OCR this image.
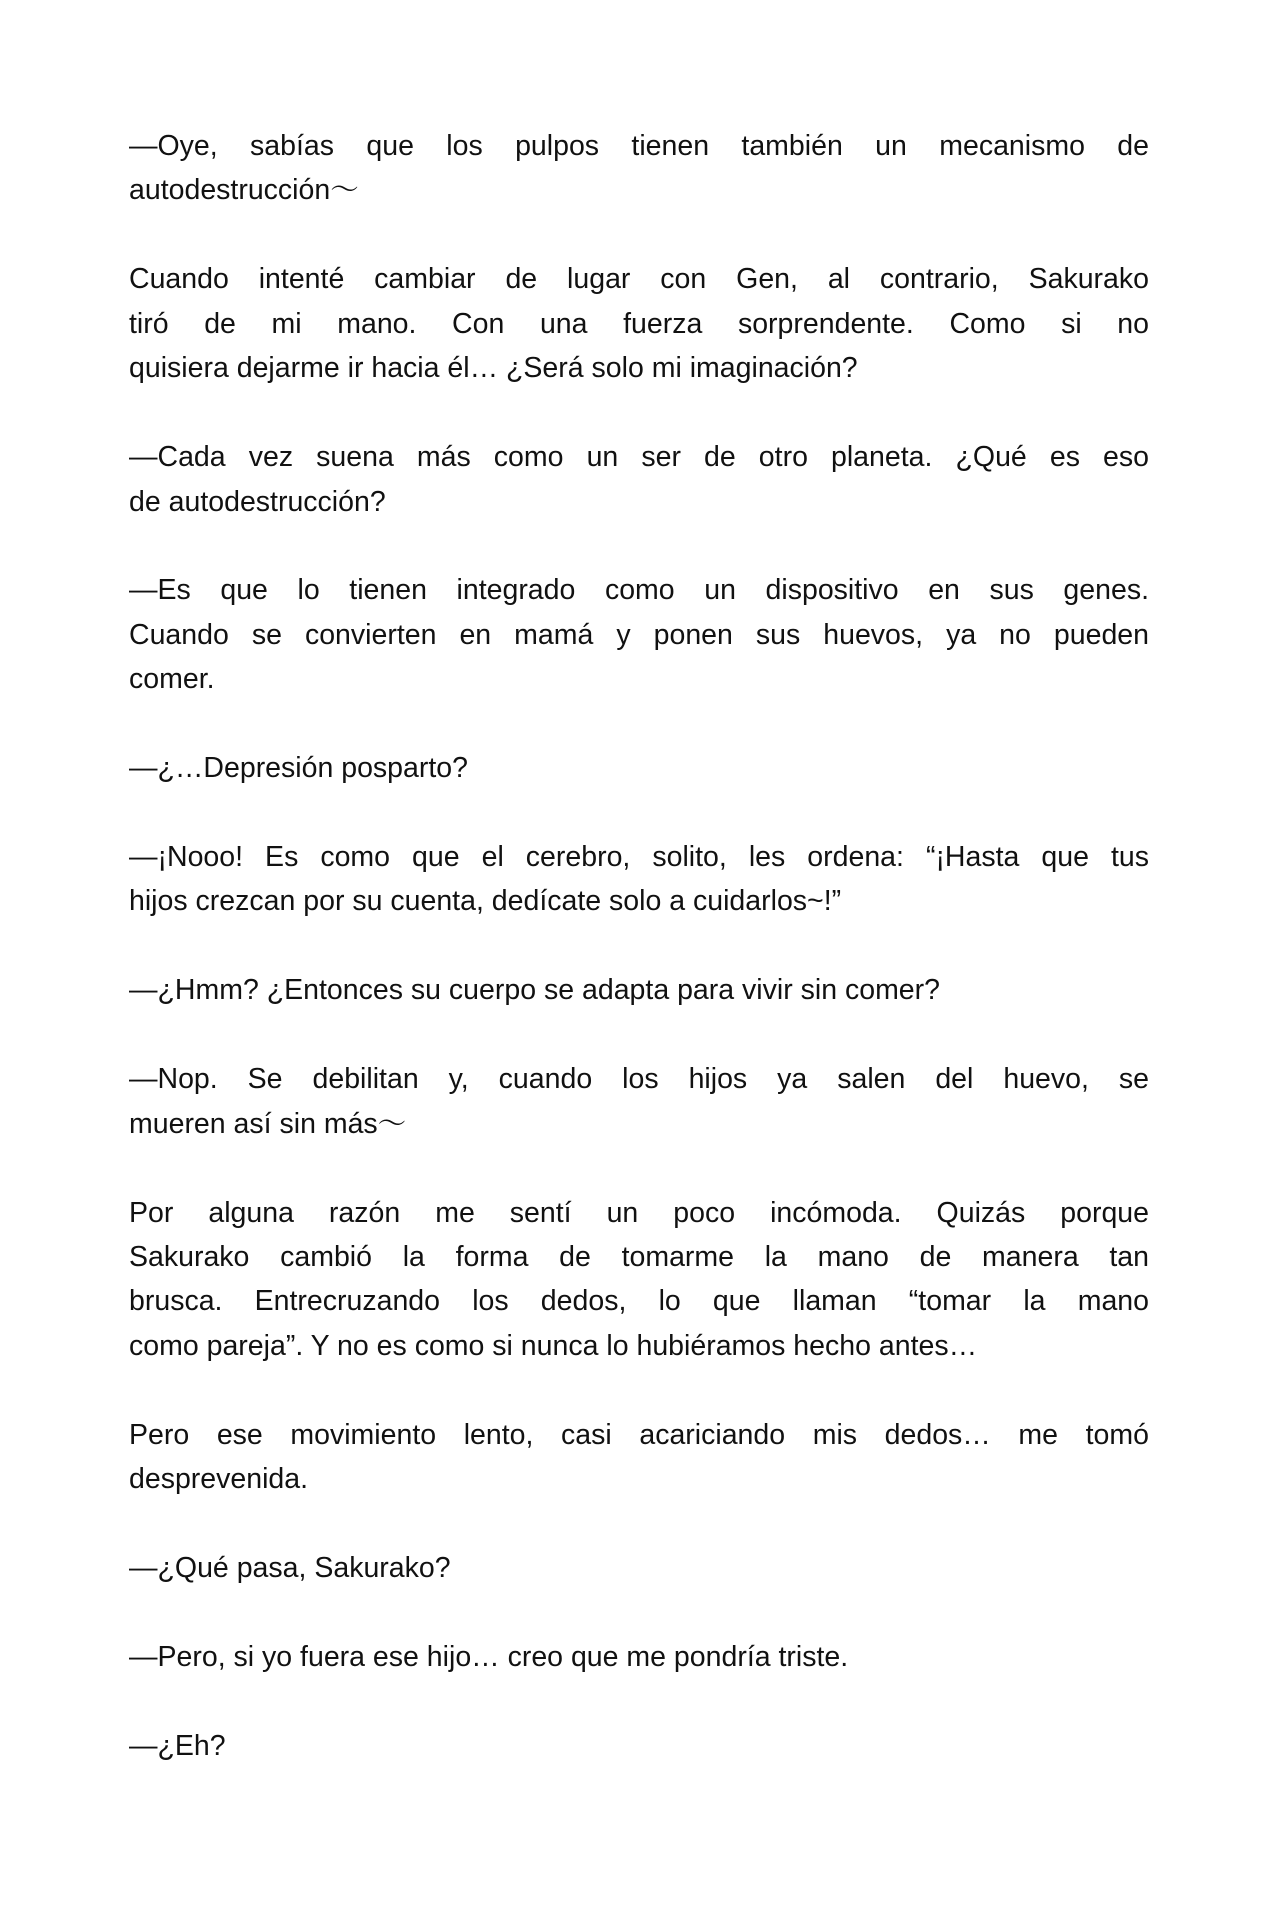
—Oye, sabías que los pulpos tienen también un mecanismo de
autodestrucción〜

Cuando intenté cambiar de lugar con Gen, al contrario, Sakurako
tiró de mi mano. Con una fuerza sorprendente. Como si no
quisiera dejarme ir hacia él… ¿Será solo mi imaginación?

—Cada vez suena más como un ser de otro planeta. ¿Qué es eso
de autodestrucción?

—Es que lo tienen integrado como un dispositivo en sus genes.
Cuando se convierten en mamá y ponen sus huevos, ya no pueden
comer.

—¿…Depresión posparto?

—¡Nooo! Es como que el cerebro, solito, les ordena: “¡Hasta que tus
hijos crezcan por su cuenta, dedícate solo a cuidarlos~!”

—¿Hmm? ¿Entonces su cuerpo se adapta para vivir sin comer?

—Nop. Se debilitan y, cuando los hijos ya salen del huevo, se
mueren así sin más〜

Por alguna razón me sentí un poco incómoda. Quizás porque
Sakurako cambió la forma de tomarme la mano de manera tan
brusca. Entrecruzando los dedos, lo que llaman “tomar la mano
como pareja”. Y no es como si nunca lo hubiéramos hecho antes…

Pero ese movimiento lento, casi acariciando mis dedos… me tomó
desprevenida.

—¿Qué pasa, Sakurako?

—Pero, si yo fuera ese hijo… creo que me pondría triste.

—¿Eh?
